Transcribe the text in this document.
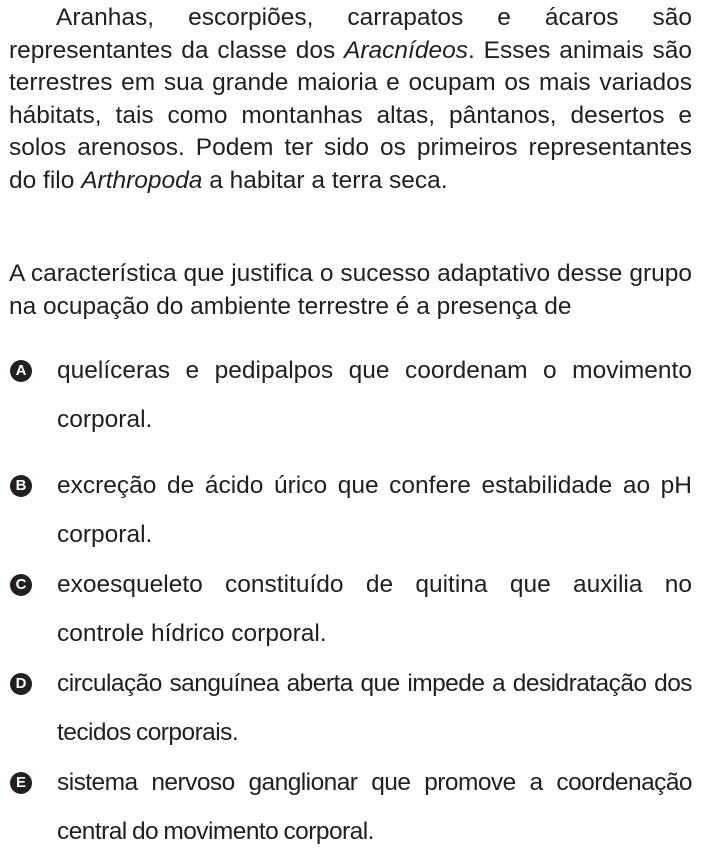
Aranhas, escorpiões, carrapatos e ácaros são representantes da classe dos Aracnídeos. Esses animais são terrestres em sua grande maioria e ocupam os mais variados hábitats, tais como montanhas altas, pântanos, desertos e solos arenosos. Podem ter sido os primeiros representantes do filo Arthropoda a habitar a terra seca.

A característica que justifica o sucesso adaptativo desse grupo na ocupação do ambiente terrestre é a presença de

A quelíceras e pedipalpos que coordenam o movimento corporal.

B excreção de ácido úrico que confere estabilidade ao pH corporal.

C exoesqueleto constituído de quitina que auxilia no controle hídrico corporal.

D circulação sanguínea aberta que impede a desidratação dos tecidos corporais.

E sistema nervoso ganglionar que promove a coordenação central do movimento corporal.
